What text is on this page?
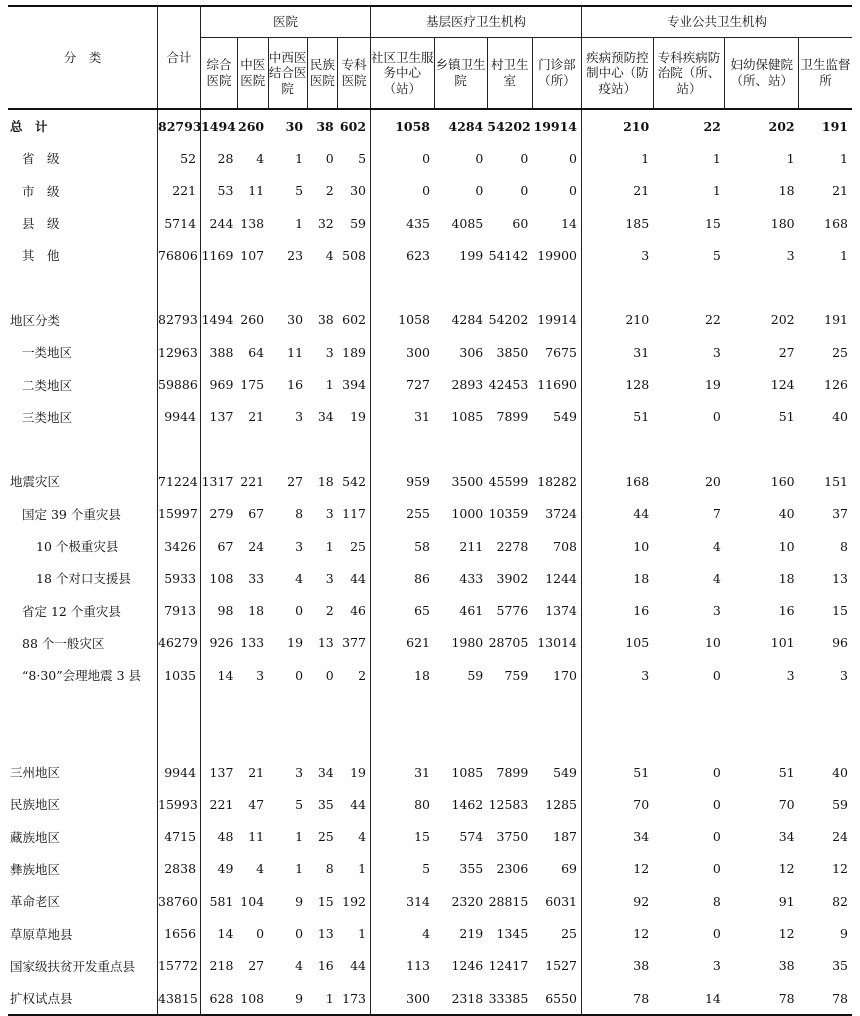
分　类	合计	医院					基层医疗卫生机构				专业公共卫生机构			
		综合医院	中医医院	中西医结合医院	民族医院	专科医院	社区卫生服务中心（站）	乡镇卫生院	村卫生室	门诊部（所）	疾病预防控制中心（防疫站）	专科疾病防治院（所、站）	妇幼保健院（所、站）	卫生监督所
总　计	82793	1494	260	30	38	602	1058	4284	54202	19914	210	22	202	191
省　级	52	28	4	1	0	5	0	0	0	0	1	1	1	1
市　级	221	53	11	5	2	30	0	0	0	0	21	1	18	21
县　级	5714	244	138	1	32	59	435	4085	60	14	185	15	180	168
其　他	76806	1169	107	23	4	508	623	199	54142	19900	3	5	3	1

地区分类	82793	1494	260	30	38	602	1058	4284	54202	19914	210	22	202	191
一类地区	12963	388	64	11	3	189	300	306	3850	7675	31	3	27	25
二类地区	59886	969	175	16	1	394	727	2893	42453	11690	128	19	124	126
三类地区	9944	137	21	3	34	19	31	1085	7899	549	51	0	51	40

地震灾区	71224	1317	221	27	18	542	959	3500	45599	18282	168	20	160	151
国定 39 个重灾县	15997	279	67	8	3	117	255	1000	10359	3724	44	7	40	37
10 个极重灾县	3426	67	24	3	1	25	58	211	2278	708	10	4	10	8
18 个对口支援县	5933	108	33	4	3	44	86	433	3902	1244	18	4	18	13
省定 12 个重灾县	7913	98	18	0	2	46	65	461	5776	1374	16	3	16	15
88 个一般灾区	46279	926	133	19	13	377	621	1980	28705	13014	105	10	101	96
“8·30”会理地震 3 县	1035	14	3	0	0	2	18	59	759	170	3	0	3	3

三州地区	9944	137	21	3	34	19	31	1085	7899	549	51	0	51	40
民族地区	15993	221	47	5	35	44	80	1462	12583	1285	70	0	70	59
藏族地区	4715	48	11	1	25	4	15	574	3750	187	34	0	34	24
彝族地区	2838	49	4	1	8	1	5	355	2306	69	12	0	12	12
革命老区	38760	581	104	9	15	192	314	2320	28815	6031	92	8	91	82
草原草地县	1656	14	0	0	13	1	4	219	1345	25	12	0	12	9
国家级扶贫开发重点县	15772	218	27	4	16	44	113	1246	12417	1527	38	3	38	35
扩权试点县	43815	628	108	9	1	173	300	2318	33385	6550	78	14	78	78
